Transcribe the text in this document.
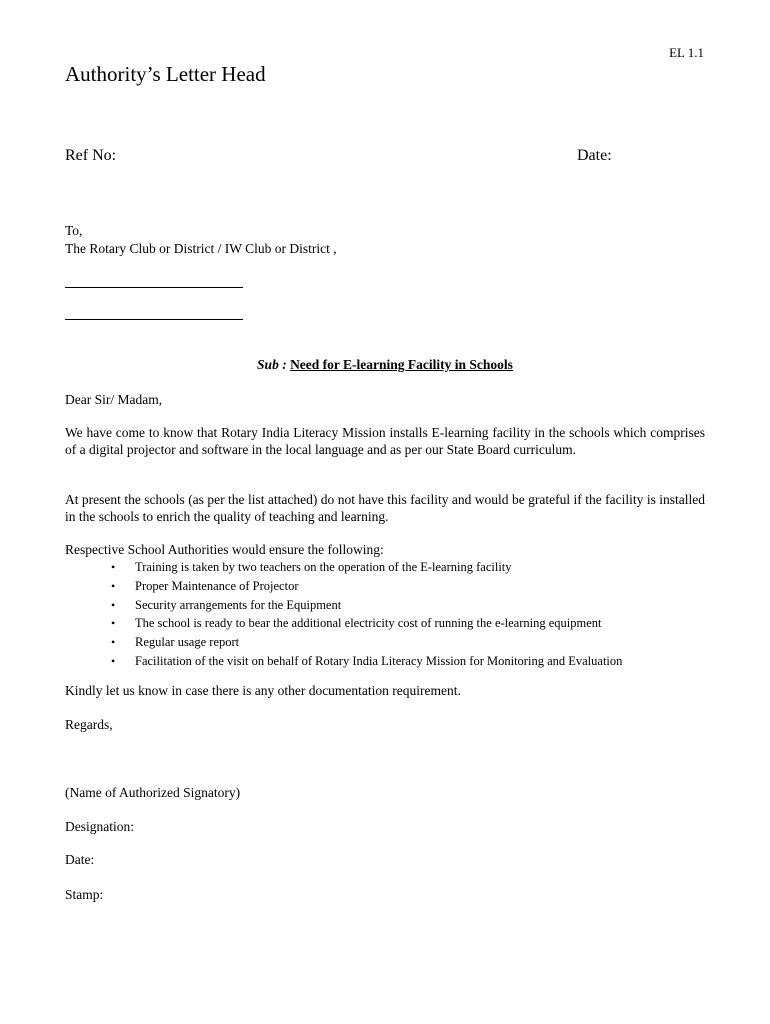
EL 1.1
Authority’s Letter Head
Ref No:	Date:
To,
The Rotary Club or District / IW Club or District ,
Sub : Need for E-learning Facility in Schools
Dear Sir/ Madam,
We have come to know that Rotary India Literacy Mission installs E-learning facility in the schools which comprises of a digital projector and software in the local language and as per our State Board curriculum.
At present the schools (as per the list attached) do not have this facility and would be grateful if the facility is installed in the schools to enrich the quality of teaching and learning.
Respective School Authorities would ensure the following:
• Training is taken by two teachers on the operation of the E-learning facility
• Proper Maintenance of Projector
• Security arrangements for the Equipment
• The school is ready to bear the additional electricity cost of running the e-learning equipment
• Regular usage report
• Facilitation of the visit on behalf of Rotary India Literacy Mission for Monitoring and Evaluation
Kindly let us know in case there is any other documentation requirement.
Regards,
(Name of Authorized Signatory)
Designation:
Date:
Stamp:
